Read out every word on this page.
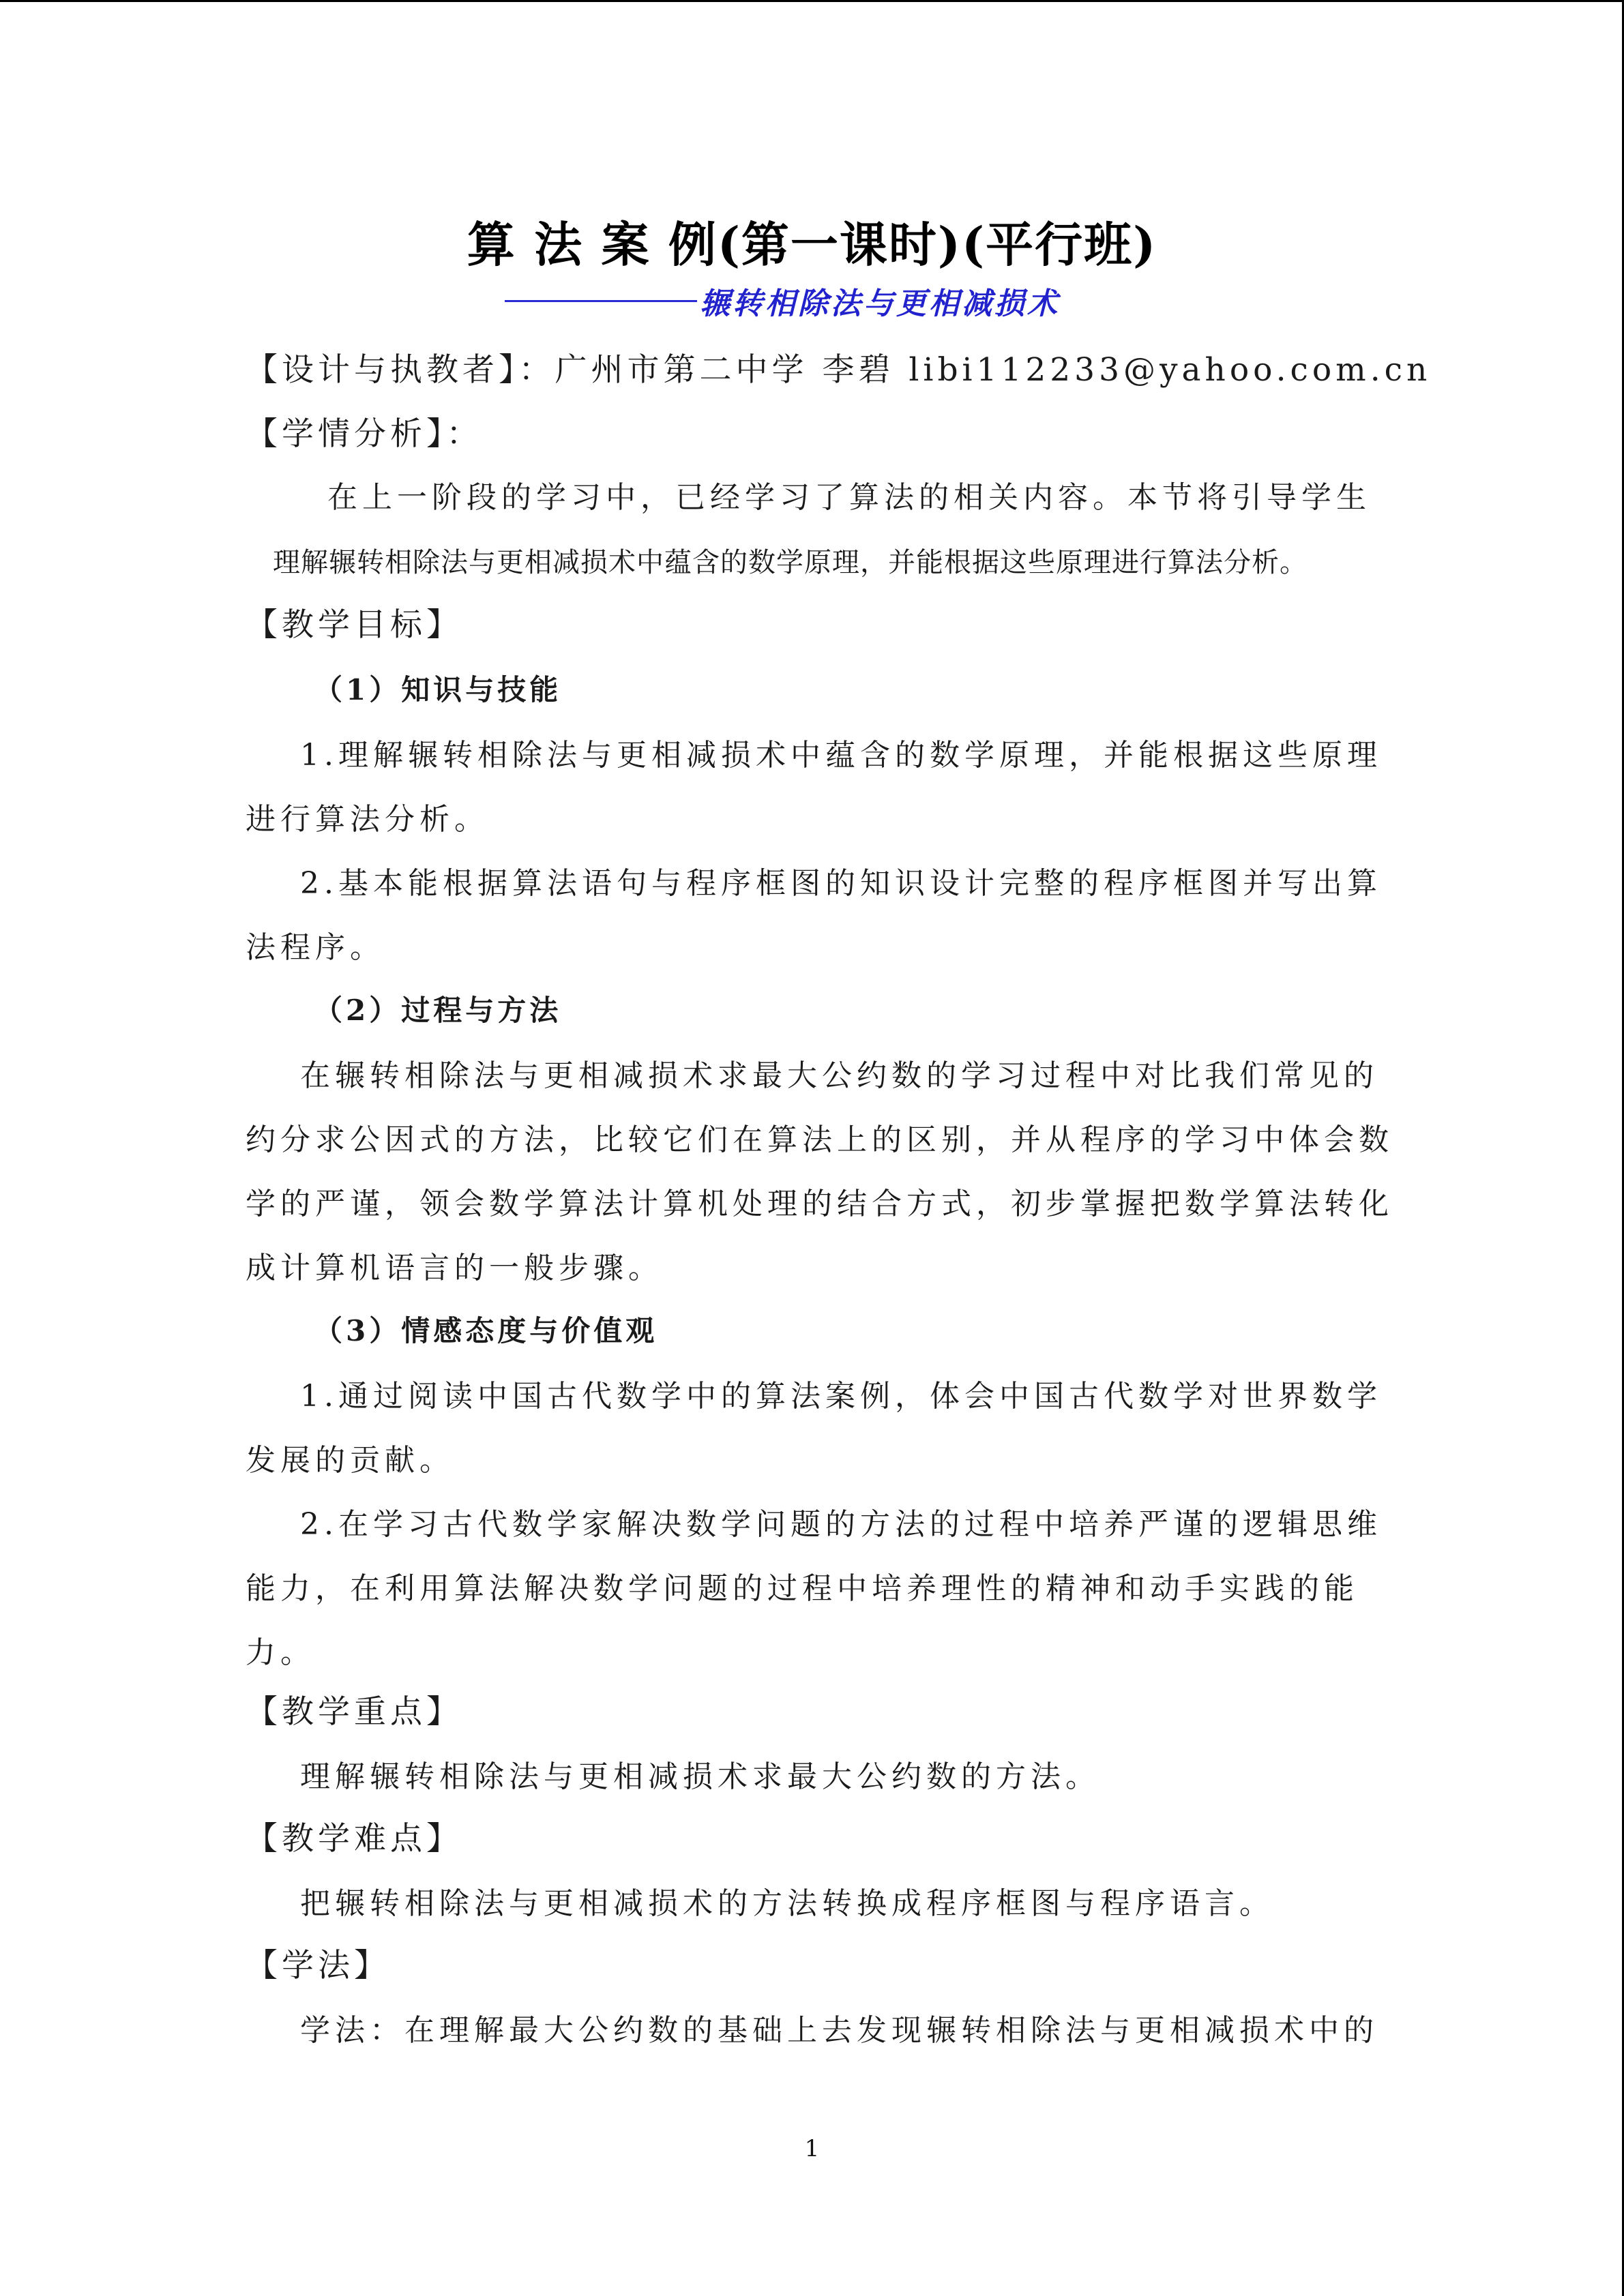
算 法 案 例(第一课时)(平行班)
辗转相除法与更相减损术
【设计与执教者】：广州市第二中学 李碧 libi112233@yahoo.com.cn
【学情分析】：
在上一阶段的学习中，已经学习了算法的相关内容。本节将引导学生
理解辗转相除法与更相减损术中蕴含的数学原理，并能根据这些原理进行算法分析。
【教学目标】
（1）知识与技能
1.理解辗转相除法与更相减损术中蕴含的数学原理，并能根据这些原理
进行算法分析。
2.基本能根据算法语句与程序框图的知识设计完整的程序框图并写出算
法程序。
（2）过程与方法
在辗转相除法与更相减损术求最大公约数的学习过程中对比我们常见的
约分求公因式的方法，比较它们在算法上的区别，并从程序的学习中体会数
学的严谨，领会数学算法计算机处理的结合方式，初步掌握把数学算法转化
成计算机语言的一般步骤。
（3）情感态度与价值观
1.通过阅读中国古代数学中的算法案例，体会中国古代数学对世界数学
发展的贡献。
2.在学习古代数学家解决数学问题的方法的过程中培养严谨的逻辑思维
能力，在利用算法解决数学问题的过程中培养理性的精神和动手实践的能
力。
【教学重点】
理解辗转相除法与更相减损术求最大公约数的方法。
【教学难点】
把辗转相除法与更相减损术的方法转换成程序框图与程序语言。
【学法】
学法：在理解最大公约数的基础上去发现辗转相除法与更相减损术中的
1
